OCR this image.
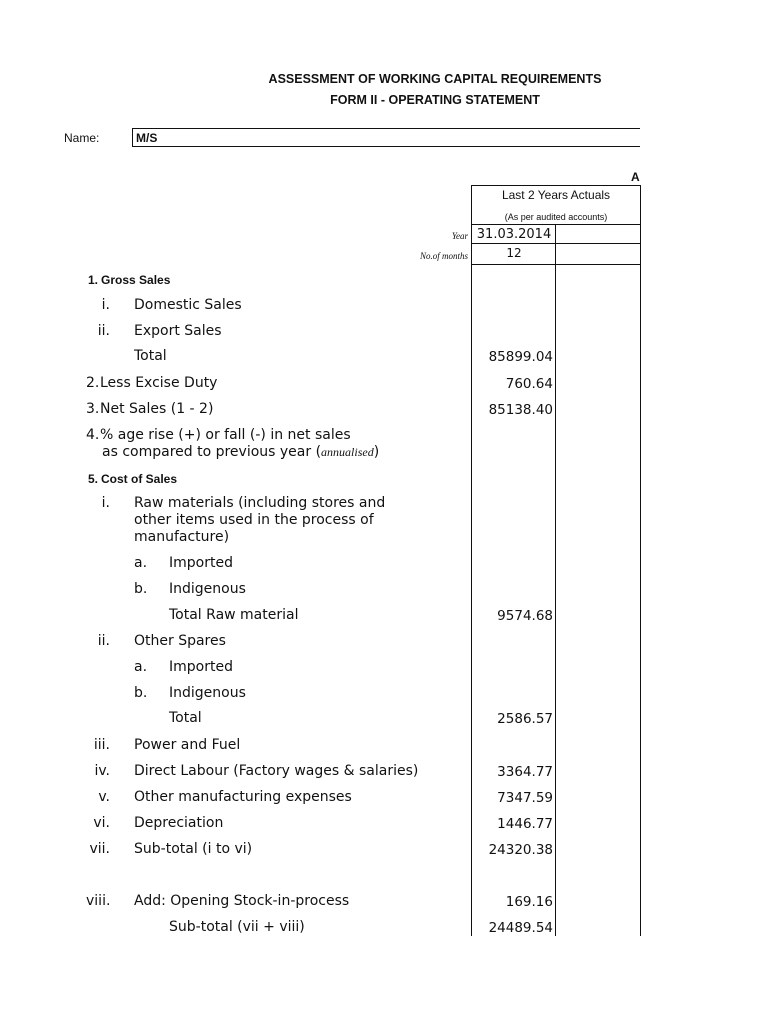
ASSESSMENT OF WORKING CAPITAL REQUIREMENTS
FORM II - OPERATING STATEMENT
Name:	M/S
A
Last 2 Years Actuals
(As per audited accounts)
Year 31.03.2014
No.of months	12
1. Gross Sales
i. Domestic Sales
ii. Export Sales
Total	85899.04
2. Less Excise Duty	760.64
3. Net Sales (1 - 2)	85138.40
4. % age rise (+) or fall (-) in net sales
as compared to previous year (annualised)
5. Cost of Sales
i. Raw materials (including stores and
other items used in the process of
manufacture)
a. Imported
b. Indigenous
Total Raw material	9574.68
ii. Other Spares
a. Imported
b. Indigenous
Total	2586.57
iii. Power and Fuel
iv. Direct Labour (Factory wages & salaries)	3364.77
v. Other manufacturing expenses	7347.59
vi. Depreciation	1446.77
vii. Sub-total (i to vi)	24320.38
viii. Add: Opening Stock-in-process	169.16
Sub-total (vii + viii)	24489.54
